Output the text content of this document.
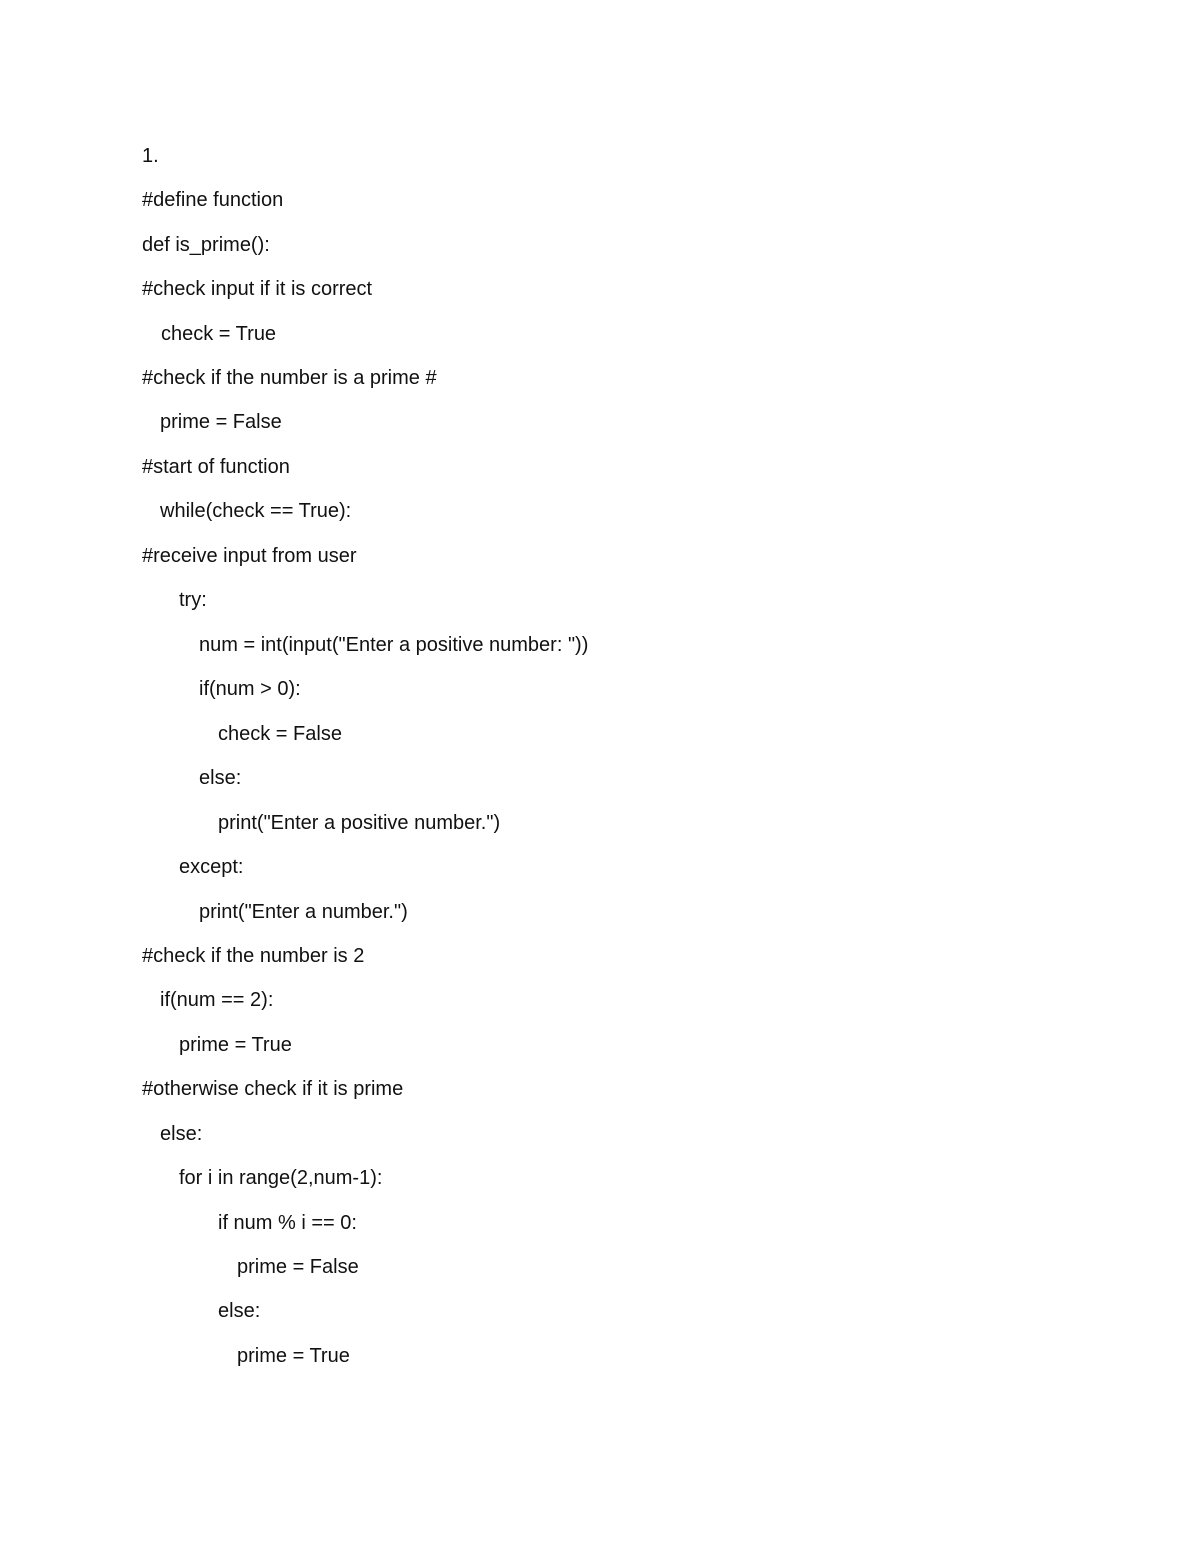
1.
#define function
def is_prime():
#check input if it is correct
check = True
#check if the number is a prime #
prime = False
#start of function
while(check == True):
#receive input from user
try:
num = int(input("Enter a positive number: "))
if(num > 0):
check = False
else:
print("Enter a positive number.")
except:
print("Enter a number.")
#check if the number is 2
if(num == 2):
prime = True
#otherwise check if it is prime
else:
for i in range(2,num-1):
if num % i == 0:
prime = False
else:
prime = True
